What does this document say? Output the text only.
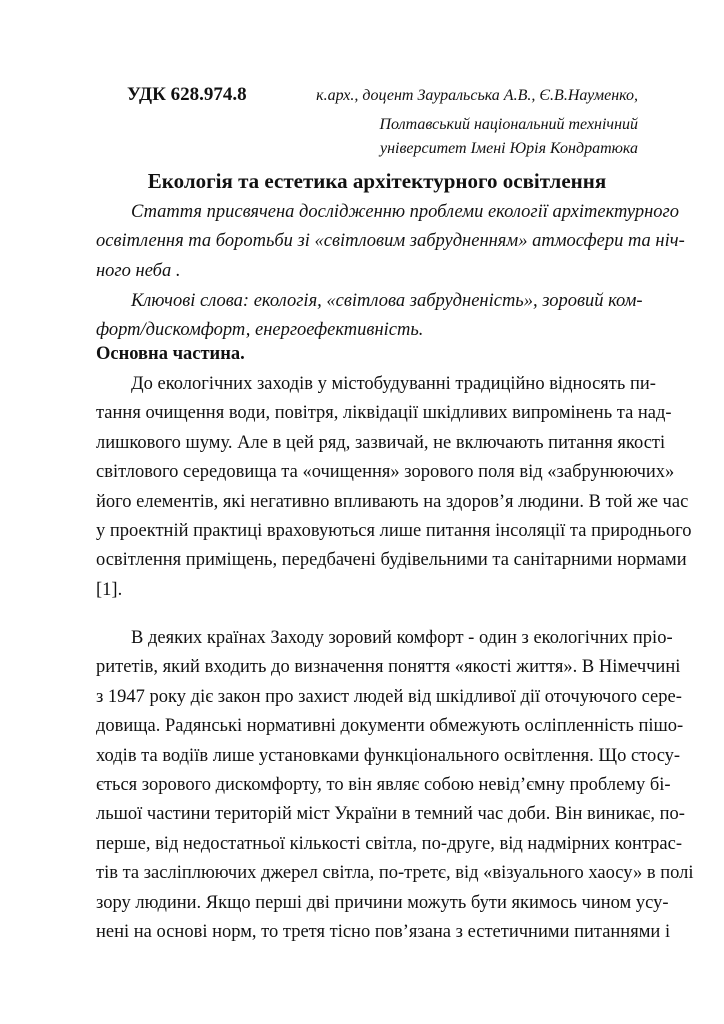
УДК 628.974.8	к.арх., доцент Зауральська А.В., Є.В.Науменко,
Полтавський національний технічний
університет Імені Юрія Кондратюка
Екологія та естетика архітектурного освітлення
Стаття присвячена дослідженню проблеми екології архітектурного
освітлення та боротьби зі «світловим забрудненням» атмосфери та ніч-
ного неба .
Ключові слова: екологія, «світлова забрудненість», зоровий ком-
форт/дискомфорт, енергоефективність.
Основна частина.
До екологічних заходів у містобудуванні традиційно відносять пи-
тання очищення води, повітря, ліквідації шкідливих випромінень та над-
лишкового шуму. Але в цей ряд, зазвичай, не включають питання якості
світлового середовища та «очищення» зорового поля від «забрунюючих»
його елементів, які негативно впливають на здоров’я людини. В той же час
у проектній практиці враховуються лише питання інсоляції та природнього
освітлення приміщень, передбачені будівельними та санітарними нормами
[1].
В деяких країнах Заходу зоровий комфорт - один з екологічних пріо-
ритетів, який входить до визначення поняття «якості життя». В Німеччині
з 1947 року діє закон про захист людей від шкідливої дії оточуючого сере-
довища. Радянські нормативні документи обмежують осліпленність пішо-
ходів та водіїв лише установками функціонального освітлення. Що стосу-
ється зорового дискомфорту, то він являє собою невід’ємну проблему бі-
льшої частини територій міст України в темний час доби. Він виникає, по-
перше, від недостатньої кількості світла, по-друге, від надмірних контрас-
тів та засліплюючих джерел світла, по-третє, від «візуального хаосу» в полі
зору людини. Якщо перші дві причини можуть бути якимось чином усу-
нені на основі норм, то третя тісно пов’язана з естетичними питаннями і
